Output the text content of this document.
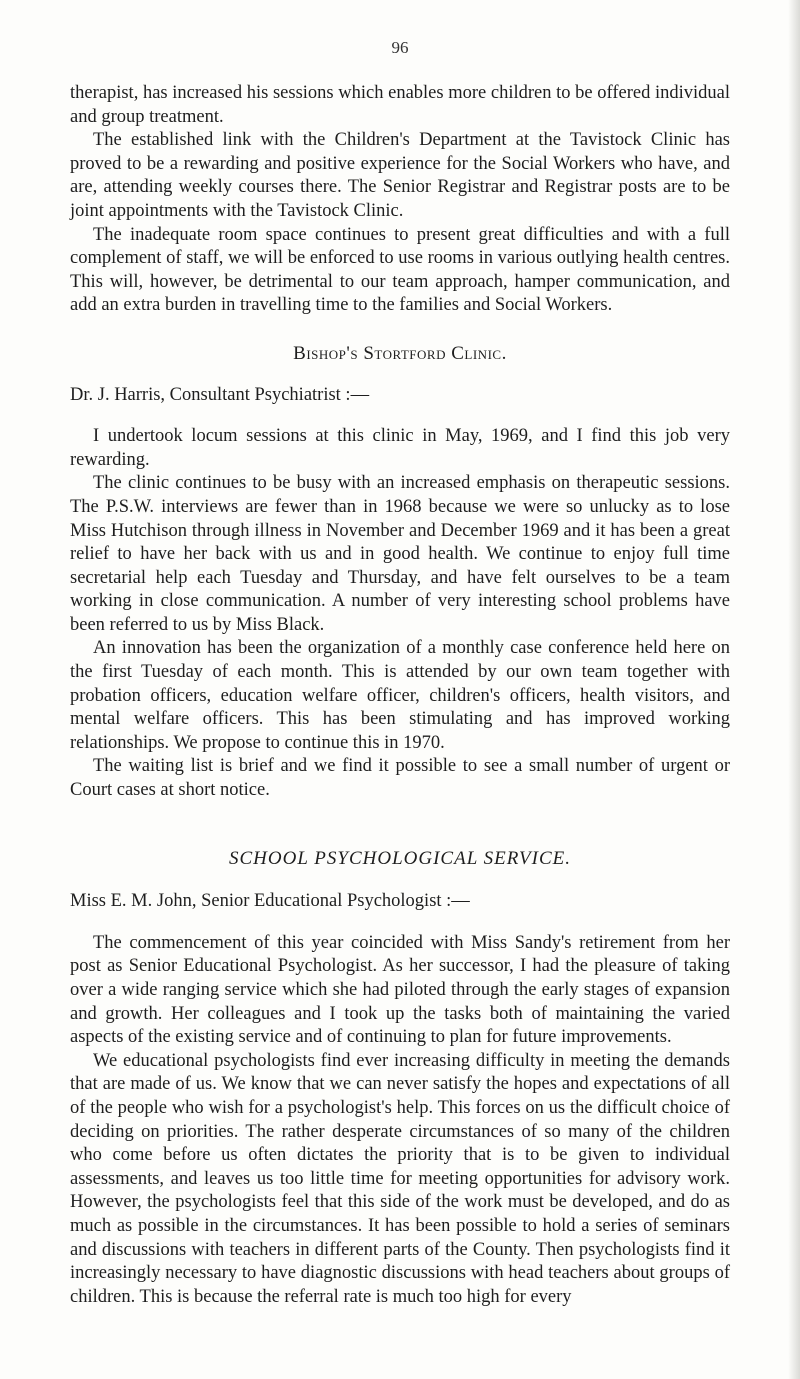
96

therapist, has increased his sessions which enables more children to be offered individual and group treatment.

The established link with the Children's Department at the Tavistock Clinic has proved to be a rewarding and positive experience for the Social Workers who have, and are, attending weekly courses there. The Senior Registrar and Registrar posts are to be joint appointments with the Tavistock Clinic.

The inadequate room space continues to present great difficulties and with a full complement of staff, we will be enforced to use rooms in various outlying health centres. This will, however, be detrimental to our team approach, hamper communication, and add an extra burden in travelling time to the families and Social Workers.

Bishop's Stortford Clinic.

Dr. J. Harris, Consultant Psychiatrist :—

I undertook locum sessions at this clinic in May, 1969, and I find this job very rewarding.

The clinic continues to be busy with an increased emphasis on therapeutic sessions. The P.S.W. interviews are fewer than in 1968 because we were so unlucky as to lose Miss Hutchison through illness in November and December 1969 and it has been a great relief to have her back with us and in good health. We continue to enjoy full time secretarial help each Tuesday and Thursday, and have felt ourselves to be a team working in close communication. A number of very interesting school problems have been referred to us by Miss Black.

An innovation has been the organization of a monthly case conference held here on the first Tuesday of each month. This is attended by our own team together with probation officers, education welfare officer, children's officers, health visitors, and mental welfare officers. This has been stimulating and has improved working relationships. We propose to continue this in 1970.

The waiting list is brief and we find it possible to see a small number of urgent or Court cases at short notice.

SCHOOL PSYCHOLOGICAL SERVICE.

Miss E. M. John, Senior Educational Psychologist :—

The commencement of this year coincided with Miss Sandy's retirement from her post as Senior Educational Psychologist. As her successor, I had the pleasure of taking over a wide ranging service which she had piloted through the early stages of expansion and growth. Her colleagues and I took up the tasks both of maintaining the varied aspects of the existing service and of continuing to plan for future improvements.

We educational psychologists find ever increasing difficulty in meeting the demands that are made of us. We know that we can never satisfy the hopes and expectations of all of the people who wish for a psychologist's help. This forces on us the difficult choice of deciding on priorities. The rather desperate circumstances of so many of the children who come before us often dictates the priority that is to be given to individual assessments, and leaves us too little time for meeting opportunities for advisory work. However, the psychologists feel that this side of the work must be developed, and do as much as possible in the circumstances. It has been possible to hold a series of seminars and discussions with teachers in different parts of the County. Then psychologists find it increasingly necessary to have diagnostic discussions with head teachers about groups of children. This is because the referral rate is much too high for every
